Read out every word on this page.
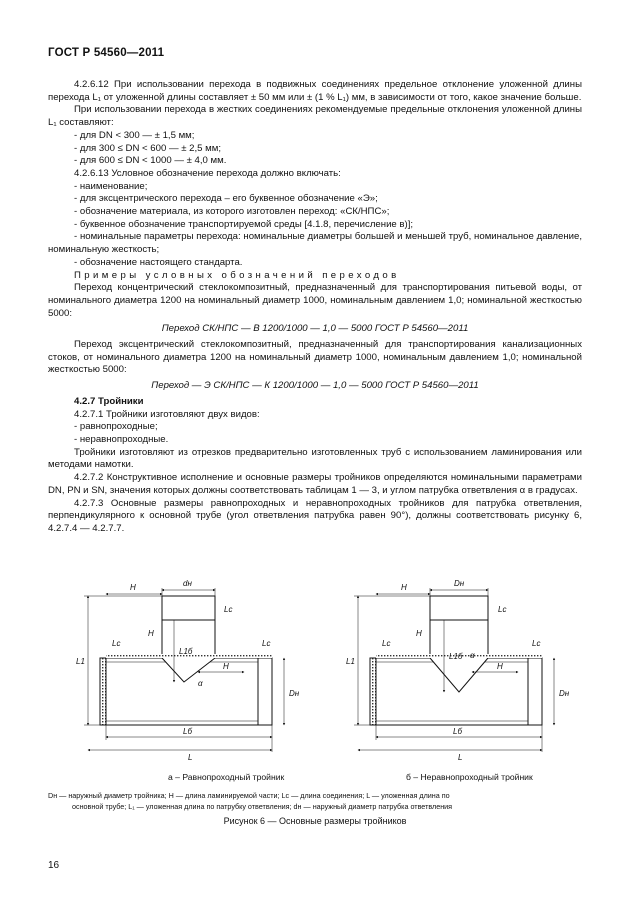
ГОСТ Р 54560—2011

4.2.6.12 При использовании перехода в подвижных соединениях предельное отклонение уложенной длины перехода L₁ от уложенной длины составляет ± 50 мм или ± (1 % L₁) мм, в зависимости от того, какое значение больше.

При использовании перехода в жестких соединениях рекомендуемые предельные отклонения уложенной длины L₁ составляют:

- для DN < 300 — ± 1,5 мм;

- для 300 ≤ DN < 600 — ± 2,5 мм;

- для 600 ≤ DN < 1000 — ± 4,0 мм.

4.2.6.13 Условное обозначение перехода должно включать:

- наименование;

- для эксцентрического перехода – его буквенное обозначение «Э»;

- обозначение материала, из которого изготовлен переход: «СК/НПС»;

- буквенное обозначение транспортируемой среды [4.1.8, перечисление в)];

- номинальные параметры перехода: номинальные диаметры большей и меньшей труб, номинальное давление, номинальную жесткость;

- обозначение настоящего стандарта.

Примеры условных обозначений переходов

Переход концентрический стеклокомпозитный, предназначенный для транспортирования питьевой воды, от номинального диаметра 1200 на номинальный диаметр 1000, номинальным давлением 1,0; номинальной жесткостью 5000:

Переход СК/НПС — В 1200/1000 — 1,0 — 5000 ГОСТ Р 54560—2011

Переход эксцентрический стеклокомпозитный, предназначенный для транспортирования канализационных стоков, от номинального диаметра 1200 на номинальный диаметр 1000, номинальным давлением 1,0; номинальной жесткостью 5000:

Переход — Э СК/НПС — К 1200/1000 — 1,0 — 5000 ГОСТ Р 54560—2011

4.2.7 Тройники

4.2.7.1 Тройники изготовляют двух видов:

- равнопроходные;

- неравнопроходные.

Тройники изготовляют из отрезков предварительно изготовленных труб с использованием ламинирования или методами намотки.

4.2.7.2 Конструктивное исполнение и основные размеры тройников определяются номинальными параметрами DN, PN и SN, значения которых должны соответствовать таблицам 1 — 3, и углом патрубка ответвления α в градусах.

4.2.7.3 Основные размеры равнопроходных и неравнопроходных тройников для патрубка ответвления, перпендикулярного к основной трубе (угол ответвления патрубка равен 90°), должны соответствовать рисунку 6, 4.2.7.4 — 4.2.7.7.

H	dн
Lс
L1
Lс
H
L1б
Lс
H
α
Dн
Lб
L
H	Dн
Lс
L1
Lс
H
L1б
Lс
H
α
Dн
Lб
L
а – Равнопроходный тройник	б – Неравнопроходный тройник

Dн — наружный диаметр тройника; H — длина ламинируемой части; Lс — длина соединения; L — уложенная длина по

основной трубе; L₁ — уложенная длина по патрубку ответвления; dн — наружный диаметр патрубка ответвления

Рисунок 6 — Основные размеры тройников
16
